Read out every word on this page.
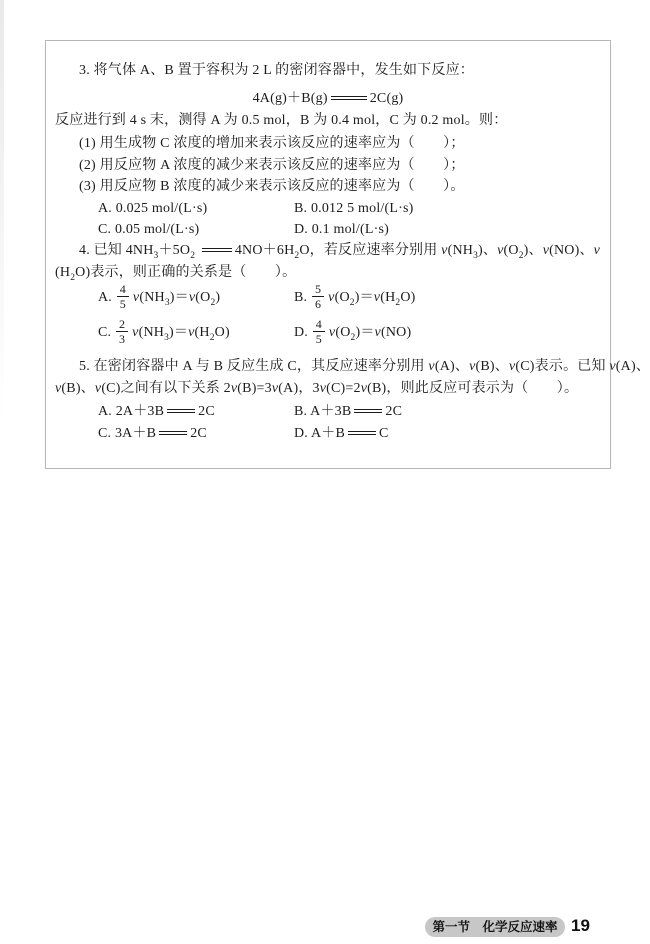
3. 将气体 A、B 置于容积为 2 L 的密闭容器中，发生如下反应：
4A(g)＋B(g)	2C(g)
反应进行到 4 s 末，测得 A 为 0.5 mol，B 为 0.4 mol，C 为 0.2 mol。则：
(1) 用生成物 C 浓度的增加来表示该反应的速率应为（　　）；
(2) 用反应物 A 浓度的减少来表示该反应的速率应为（　　）；
(3) 用反应物 B 浓度的减少来表示该反应的速率应为（　　）。
A. 0.025 mol/(L·s)	B. 0.012 5 mol/(L·s)
C. 0.05 mol/(L·s)	D. 0.1 mol/(L·s)
4. 已知 $4NH_3+5O_2$	$4NO+6H_2O$，若反应速率分别用 $v(NH_3)$、$v(O_2)$、v(NO)、v
$(H_2O)$表示，则正确的关系是（　　）。
A. $\frac{4}{5} v(NH_3)=v(O_2)$	B. $\frac{5}{6} v(O_2)=v(H_2O)$
C. $\frac{2}{3} v(NH_3)=v(H_2O)$	D. $\frac{4}{5} v(O_2)=v(NO)$
5. 在密闭容器中 A 与 B 反应生成 C，其反应速率分别用 v(A)、v(B)、v(C)表示。已知 v(A)、
v(B)、v(C)之间有以下关系 2v(B)=3v(A)，3v(C)=2v(B)，则此反应可表示为（　　）。
A. 2A＋3B 2C	B. A＋3B 2C
C. 3A＋B 2C	D. A＋B C
第一节　化学反应速率 19
